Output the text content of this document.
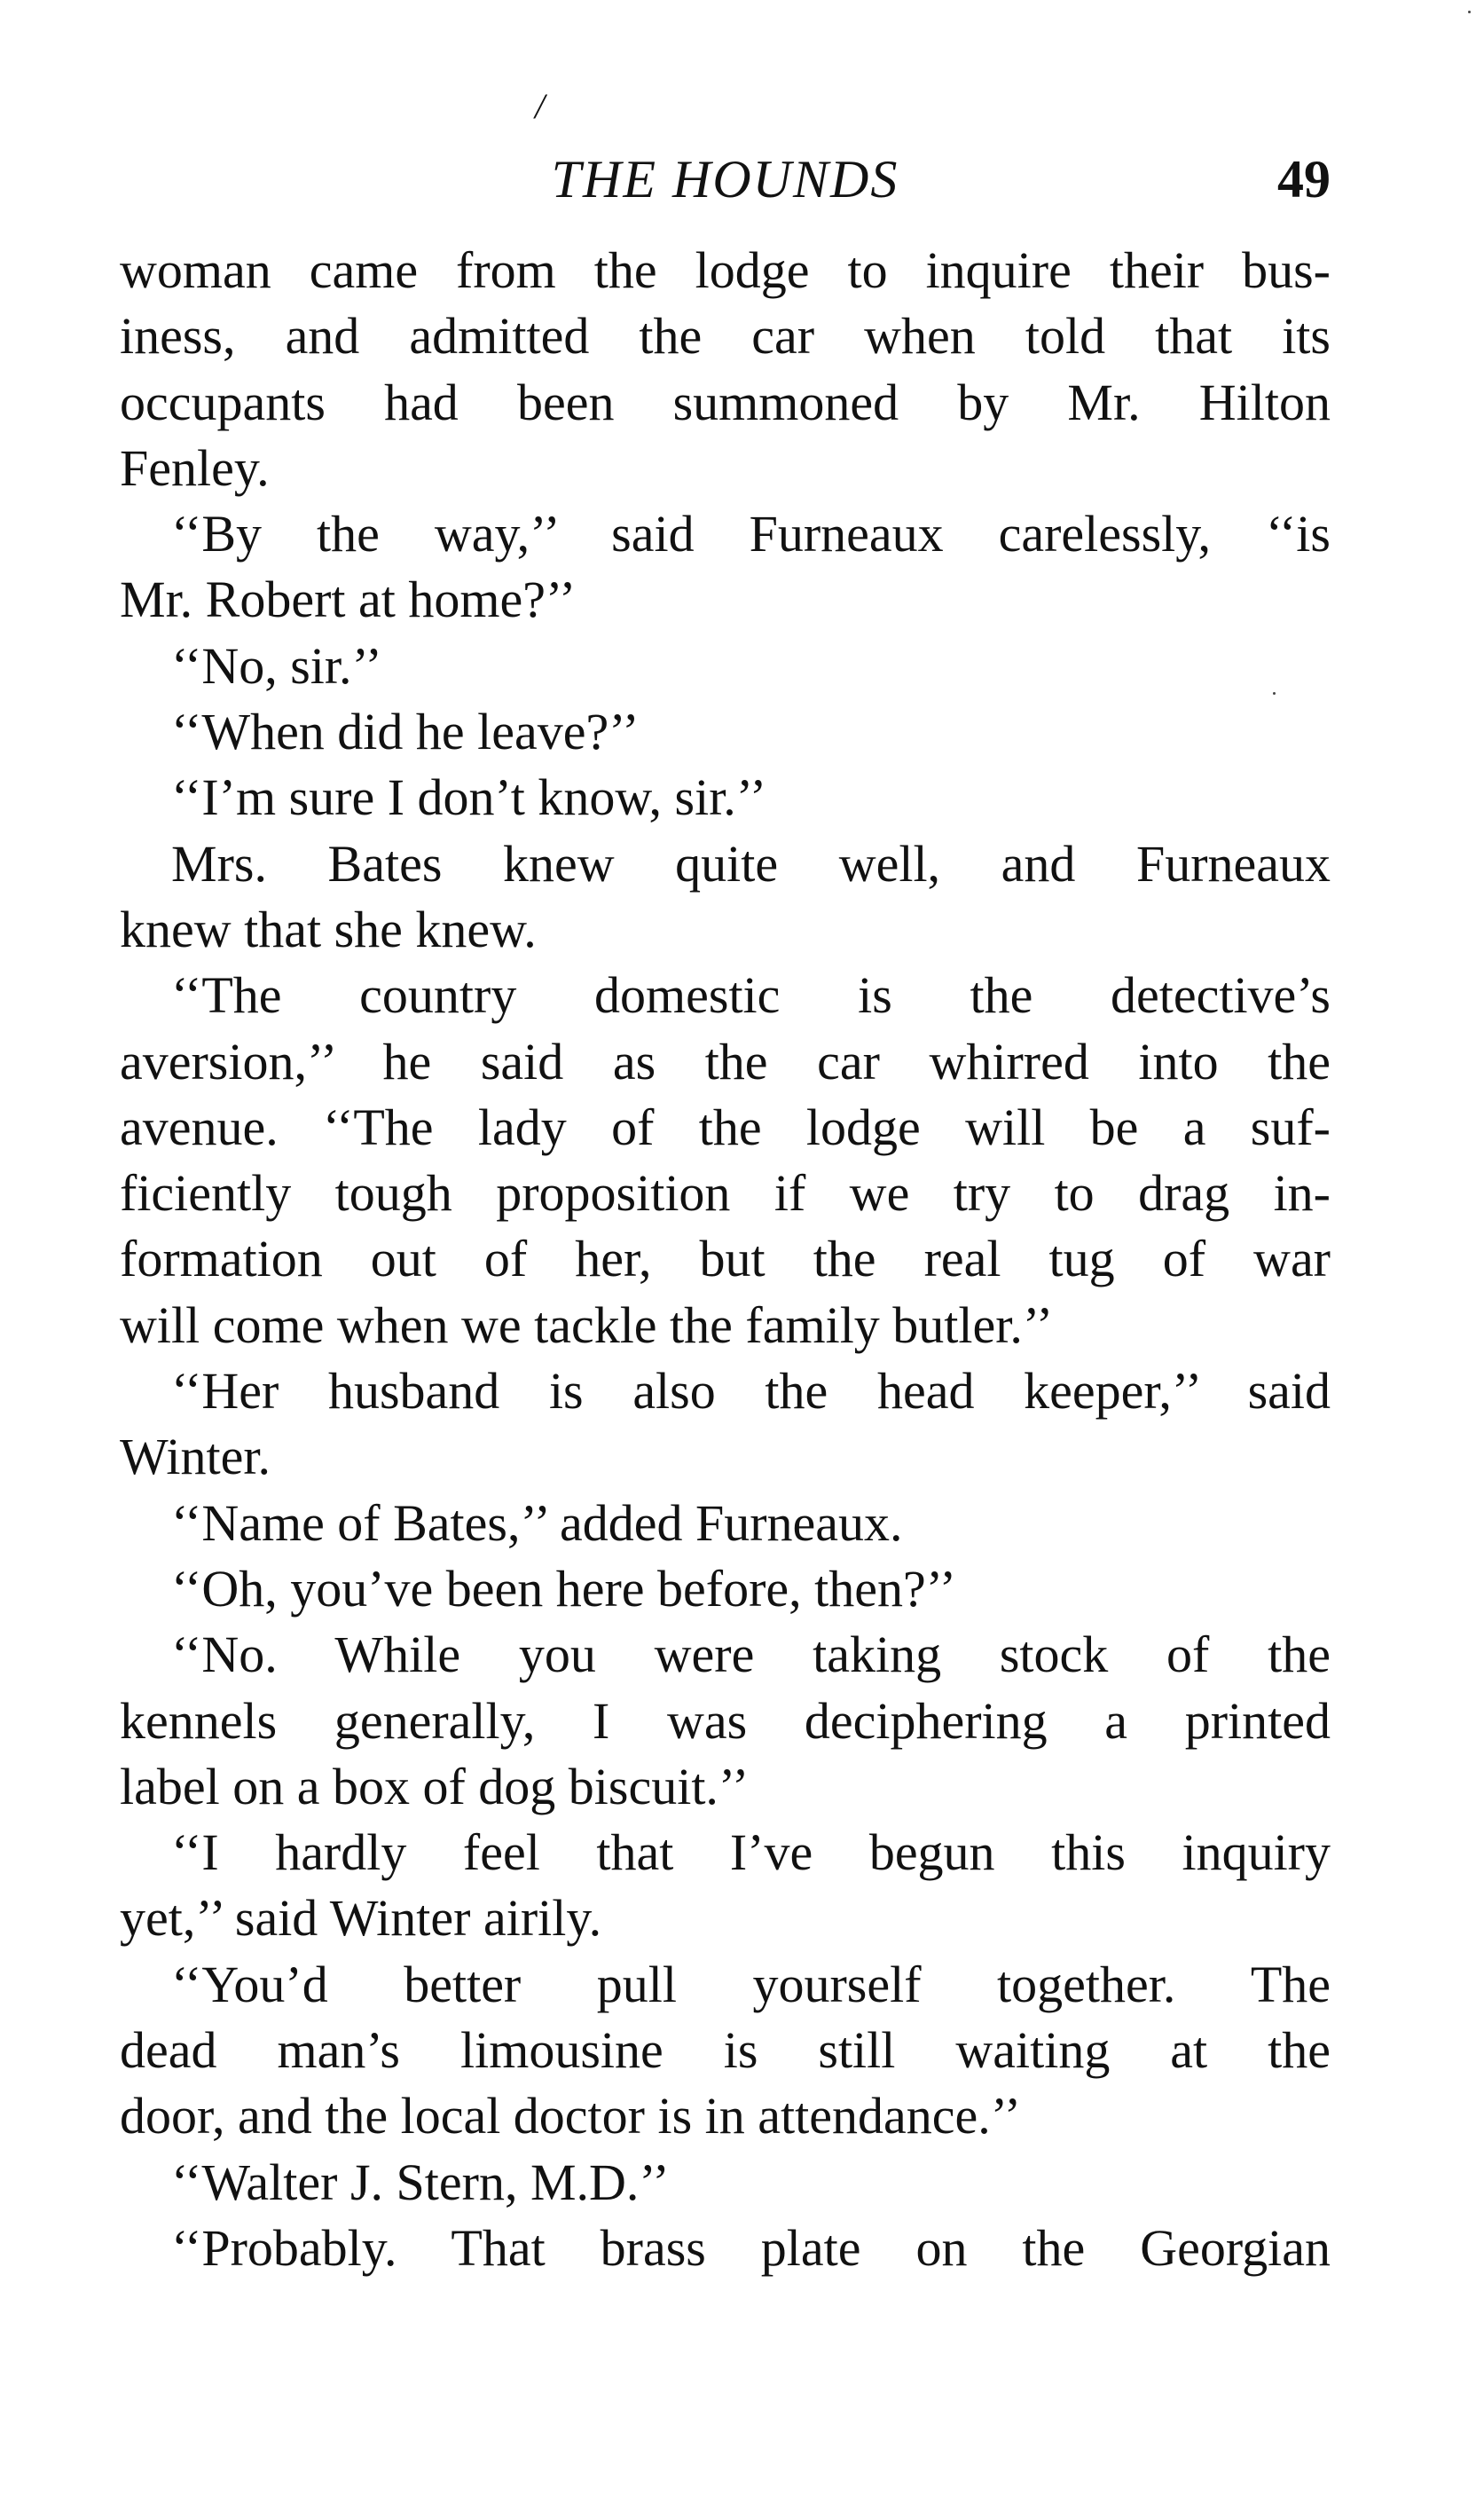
/
THE HOUNDS	49
woman came from the lodge to inquire their bus-
iness, and admitted the car when told that its
occupants had been summoned by Mr. Hilton
Fenley.
‘‘By the way,’’ said Furneaux carelessly, ‘‘is
Mr. Robert at home?’’
‘‘No, sir.’’
‘‘When did he leave?’’
‘‘I’m sure I don’t know, sir.’’
Mrs. Bates knew quite well, and Furneaux
knew that she knew.
‘‘The country domestic is the detective’s
aversion,’’ he said as the car whirred into the
avenue. ‘‘The lady of the lodge will be a suf-
ficiently tough proposition if we try to drag in-
formation out of her, but the real tug of war
will come when we tackle the family butler.’’
‘‘Her husband is also the head keeper,’’ said
Winter.
‘‘Name of Bates,’’ added Furneaux.
‘‘Oh, you’ve been here before, then?’’
‘‘No. While you were taking stock of the
kennels generally, I was deciphering a printed
label on a box of dog biscuit.’’
‘‘I hardly feel that I’ve begun this inquiry
yet,’’ said Winter airily.
‘‘You’d better pull yourself together. The
dead man’s limousine is still waiting at the
door, and the local doctor is in attendance.’’
‘‘Walter J. Stern, M.D.’’
‘‘Probably. That brass plate on the Georgian
